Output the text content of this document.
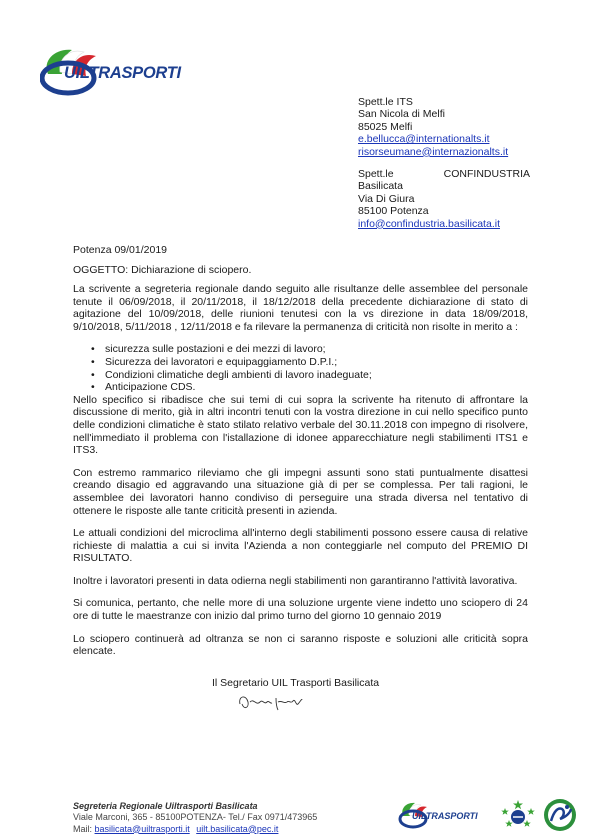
UILTRASPORTI
Spett.le ITS
San Nicola di Melfi
85025 Melfi
e.bellucca@internationalts.it
risorseumane@internazionalts.it
Spett.le	CONFINDUSTRIA
Basilicata
Via Di Giura
85100 Potenza
info@confindustria.basilicata.it
Potenza 09/01/2019
OGGETTO: Dichiarazione di sciopero.

La scrivente a segreteria regionale dando seguito alle risultanze delle assemblee del personale tenute il 06/09/2018, il 20/11/2018, il 18/12/2018 della precedente dichiarazione di stato di agitazione del 10/09/2018, delle riunioni tenutesi con la vs direzione in data 18/09/2018, 9/10/2018, 5/11/2018 , 12/11/2018 e fa rilevare la permanenza di criticità non risolte in merito a :

• sicurezza sulle postazioni e dei mezzi di lavoro;
• Sicurezza dei lavoratori e equipaggiamento D.P.I.;
• Condizioni climatiche degli ambienti di lavoro inadeguate;
• Anticipazione CDS.

Nello specifico si ribadisce che sui temi di cui sopra la scrivente ha ritenuto di affrontare la discussione di merito, già in altri incontri tenuti con la vostra direzione in cui nello specifico punto delle condizioni climatiche è stato stilato relativo verbale del 30.11.2018 con impegno di risolvere, nell'immediato il problema con l'istallazione di idonee apparecchiature negli stabilimenti ITS1 e ITS3.

Con estremo rammarico rileviamo che gli impegni assunti sono stati puntualmente disattesi creando disagio ed aggravando una situazione già di per se complessa. Per tali ragioni, le assemblee dei lavoratori hanno condiviso di perseguire una strada diversa nel tentativo di ottenere le risposte alle tante criticità presenti in azienda.

Le attuali condizioni del microclima all'interno degli stabilimenti possono essere causa di relative richieste di malattia a cui si invita l'Azienda a non conteggiarle nel computo del PREMIO DI RISULTATO.

Inoltre i lavoratori presenti in data odierna negli stabilimenti non garantiranno l'attività lavorativa.

Si comunica, pertanto, che nelle more di una soluzione urgente viene indetto uno sciopero di 24 ore di tutte le maestranze con inizio dal primo turno del giorno 10 gennaio 2019

Lo sciopero continuerà ad oltranza se non ci saranno risposte e soluzioni alle criticità sopra elencate.

Il Segretario UIL Trasporti Basilicata
Segreteria Regionale Uiltrasporti Basilicata
Viale Marconi, 365 - 85100POTENZA- Tel./ Fax 0971/473965
Mail: basilicata@uiltrasporti.it uilt.basilicata@pec.it
UILTRASPORTI
